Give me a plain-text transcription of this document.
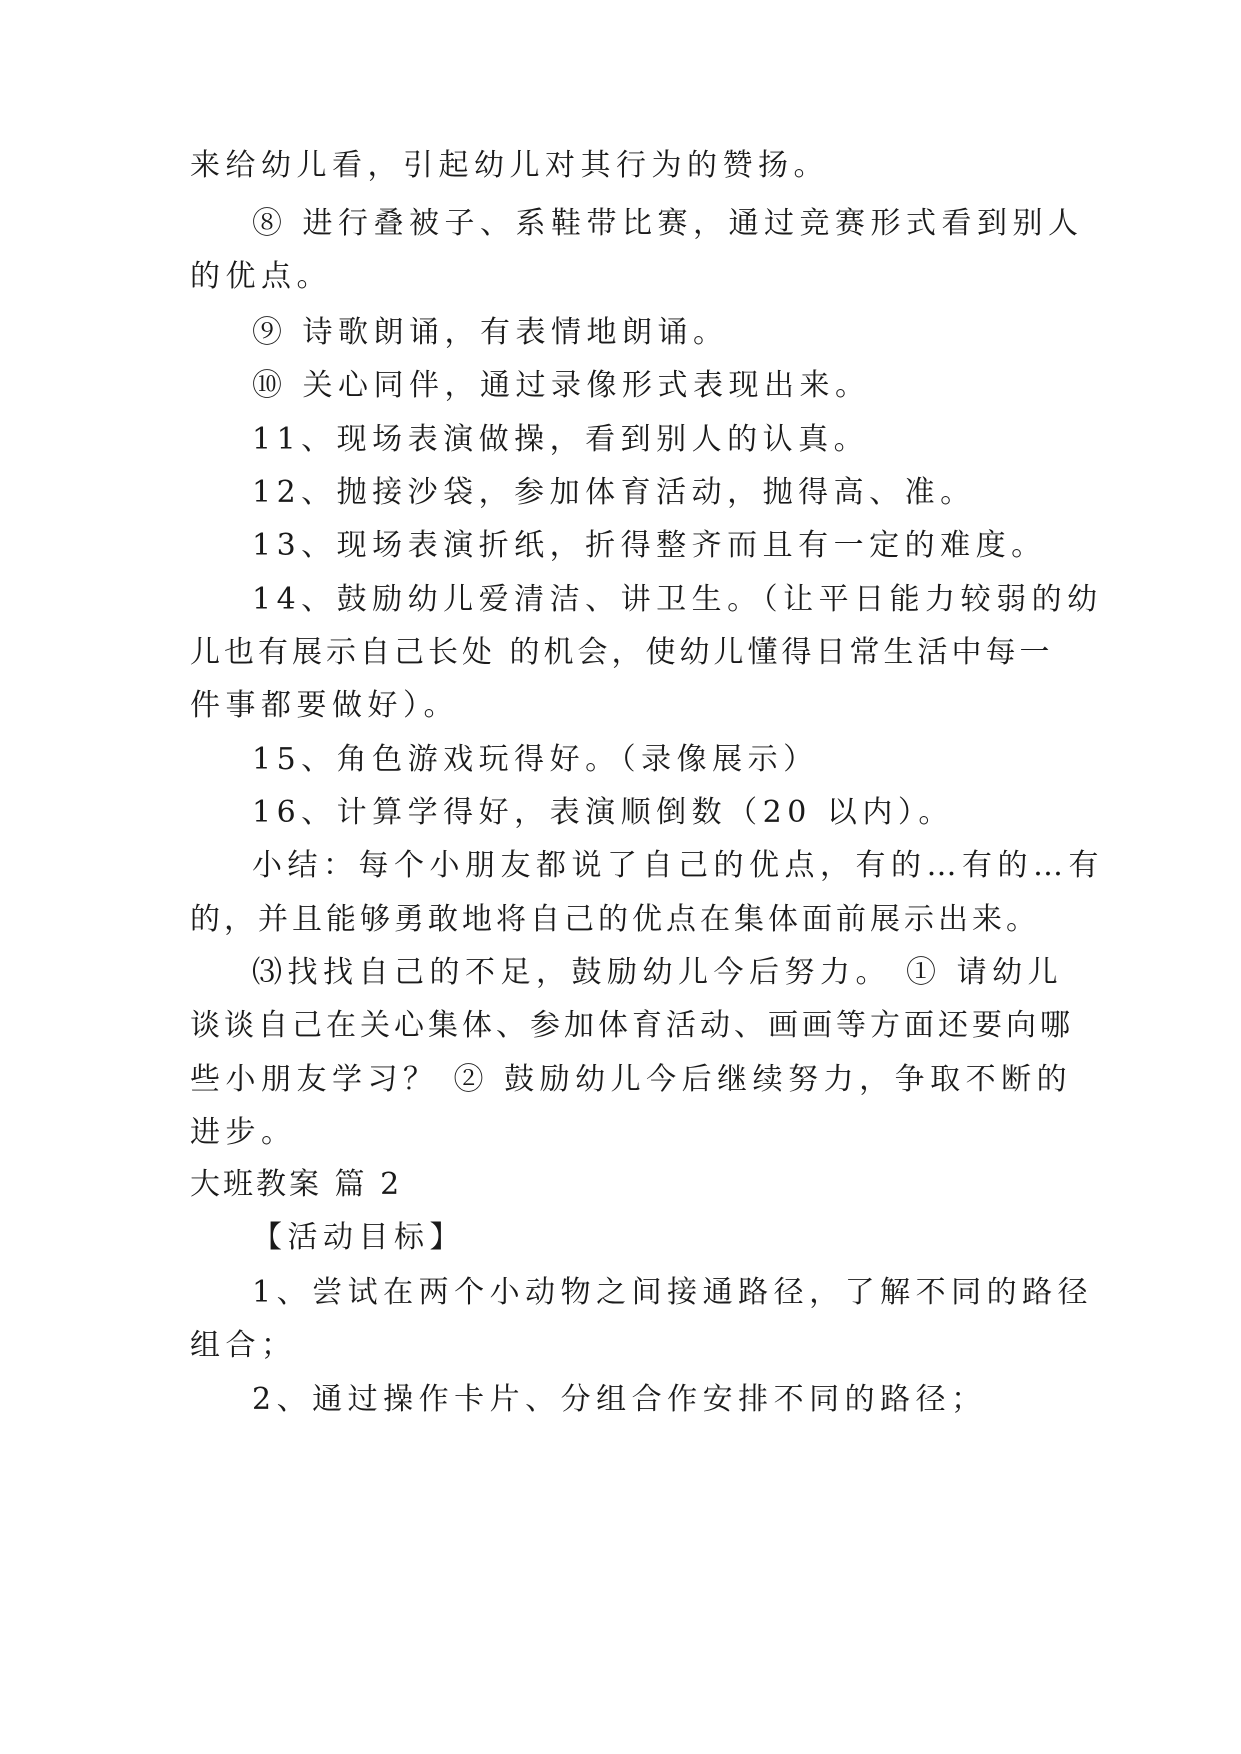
来给幼儿看，引起幼儿对其行为的赞扬。
⑧ 进行叠被子、系鞋带比赛，通过竞赛形式看到别人
的优点。
⑨ 诗歌朗诵，有表情地朗诵。
⑩ 关心同伴，通过录像形式表现出来。
11、现场表演做操，看到别人的认真。
12、抛接沙袋，参加体育活动，抛得高、准。
13、现场表演折纸，折得整齐而且有一定的难度。
14、鼓励幼儿爱清洁、讲卫生。（让平日能力较弱的幼
儿也有展示自己长处 的机会，使幼儿懂得日常生活中每一
件事都要做好）。
15、角色游戏玩得好。（录像展示）
16、计算学得好，表演顺倒数（20 以内）。
小结：每个小朋友都说了自己的优点，有的…有的…有
的，并且能够勇敢地将自己的优点在集体面前展示出来。
⑶找找自己的不足，鼓励幼儿今后努力。 ① 请幼儿
谈谈自己在关心集体、参加体育活动、画画等方面还要向哪
些小朋友学习？ ② 鼓励幼儿今后继续努力，争取不断的
进步。
大班教案 篇 2
【活动目标】
1、尝试在两个小动物之间接通路径，了解不同的路径
组合；
2、通过操作卡片、分组合作安排不同的路径；
